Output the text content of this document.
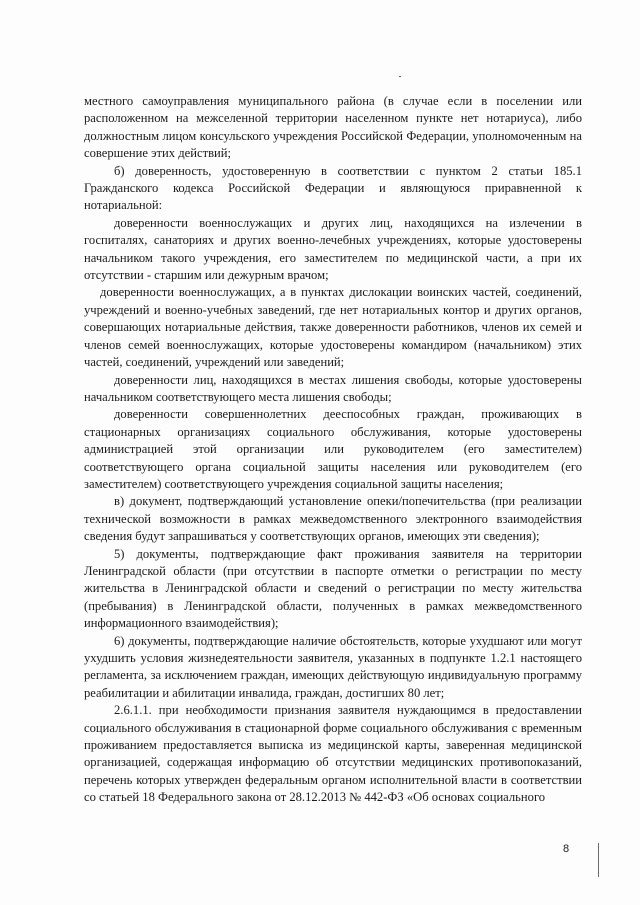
местного самоуправления муниципального района (в случае если в поселении или расположенном на межселенной территории населенном пункте нет нотариуса), либо должностным лицом консульского учреждения Российской Федерации, уполномоченным на совершение этих действий;

б) доверенность, удостоверенную в соответствии с пунктом 2 статьи 185.1 Гражданского кодекса Российской Федерации и являющуюся приравненной к нотариальной:

доверенности военнослужащих и других лиц, находящихся на излечении в госпиталях, санаториях и других военно-лечебных учреждениях, которые удостоверены начальником такого учреждения, его заместителем по медицинской части, а при их отсутствии - старшим или дежурным врачом;

доверенности военнослужащих, а в пунктах дислокации воинских частей, соединений, учреждений и военно-учебных заведений, где нет нотариальных контор и других органов, совершающих нотариальные действия, также доверенности работников, членов их семей и членов семей военнослужащих, которые удостоверены командиром (начальником) этих частей, соединений, учреждений или заведений;

доверенности лиц, находящихся в местах лишения свободы, которые удостоверены начальником соответствующего места лишения свободы;

доверенности совершеннолетних дееспособных граждан, проживающих в стационарных организациях социального обслуживания, которые удостоверены администрацией этой организации или руководителем (его заместителем) соответствующего органа социальной защиты населения или руководителем (его заместителем) соответствующего учреждения социальной защиты населения;

в) документ, подтверждающий установление опеки/попечительства (при реализации технической возможности в рамках межведомственного электронного взаимодействия сведения будут запрашиваться у соответствующих органов, имеющих эти сведения);

5) документы, подтверждающие факт проживания заявителя на территории Ленинградской области (при отсутствии в паспорте отметки о регистрации по месту жительства в Ленинградской области и сведений о регистрации по месту жительства (пребывания) в Ленинградской области, полученных в рамках межведомственного информационного взаимодействия);

6) документы, подтверждающие наличие обстоятельств, которые ухудшают или могут ухудшить условия жизнедеятельности заявителя, указанных в подпункте 1.2.1 настоящего регламента, за исключением граждан, имеющих действующую индивидуальную программу реабилитации и абилитации инвалида, граждан, достигших 80 лет;

2.6.1.1. при необходимости признания заявителя нуждающимся в предоставлении социального обслуживания в стационарной форме социального обслуживания с временным проживанием предоставляется выписка из медицинской карты, заверенная медицинской организацией, содержащая информацию об отсутствии медицинских противопоказаний, перечень которых утвержден федеральным органом исполнительной власти в соответствии со статьей 18 Федерального закона от 28.12.2013 № 442-ФЗ «Об основах социального

8
